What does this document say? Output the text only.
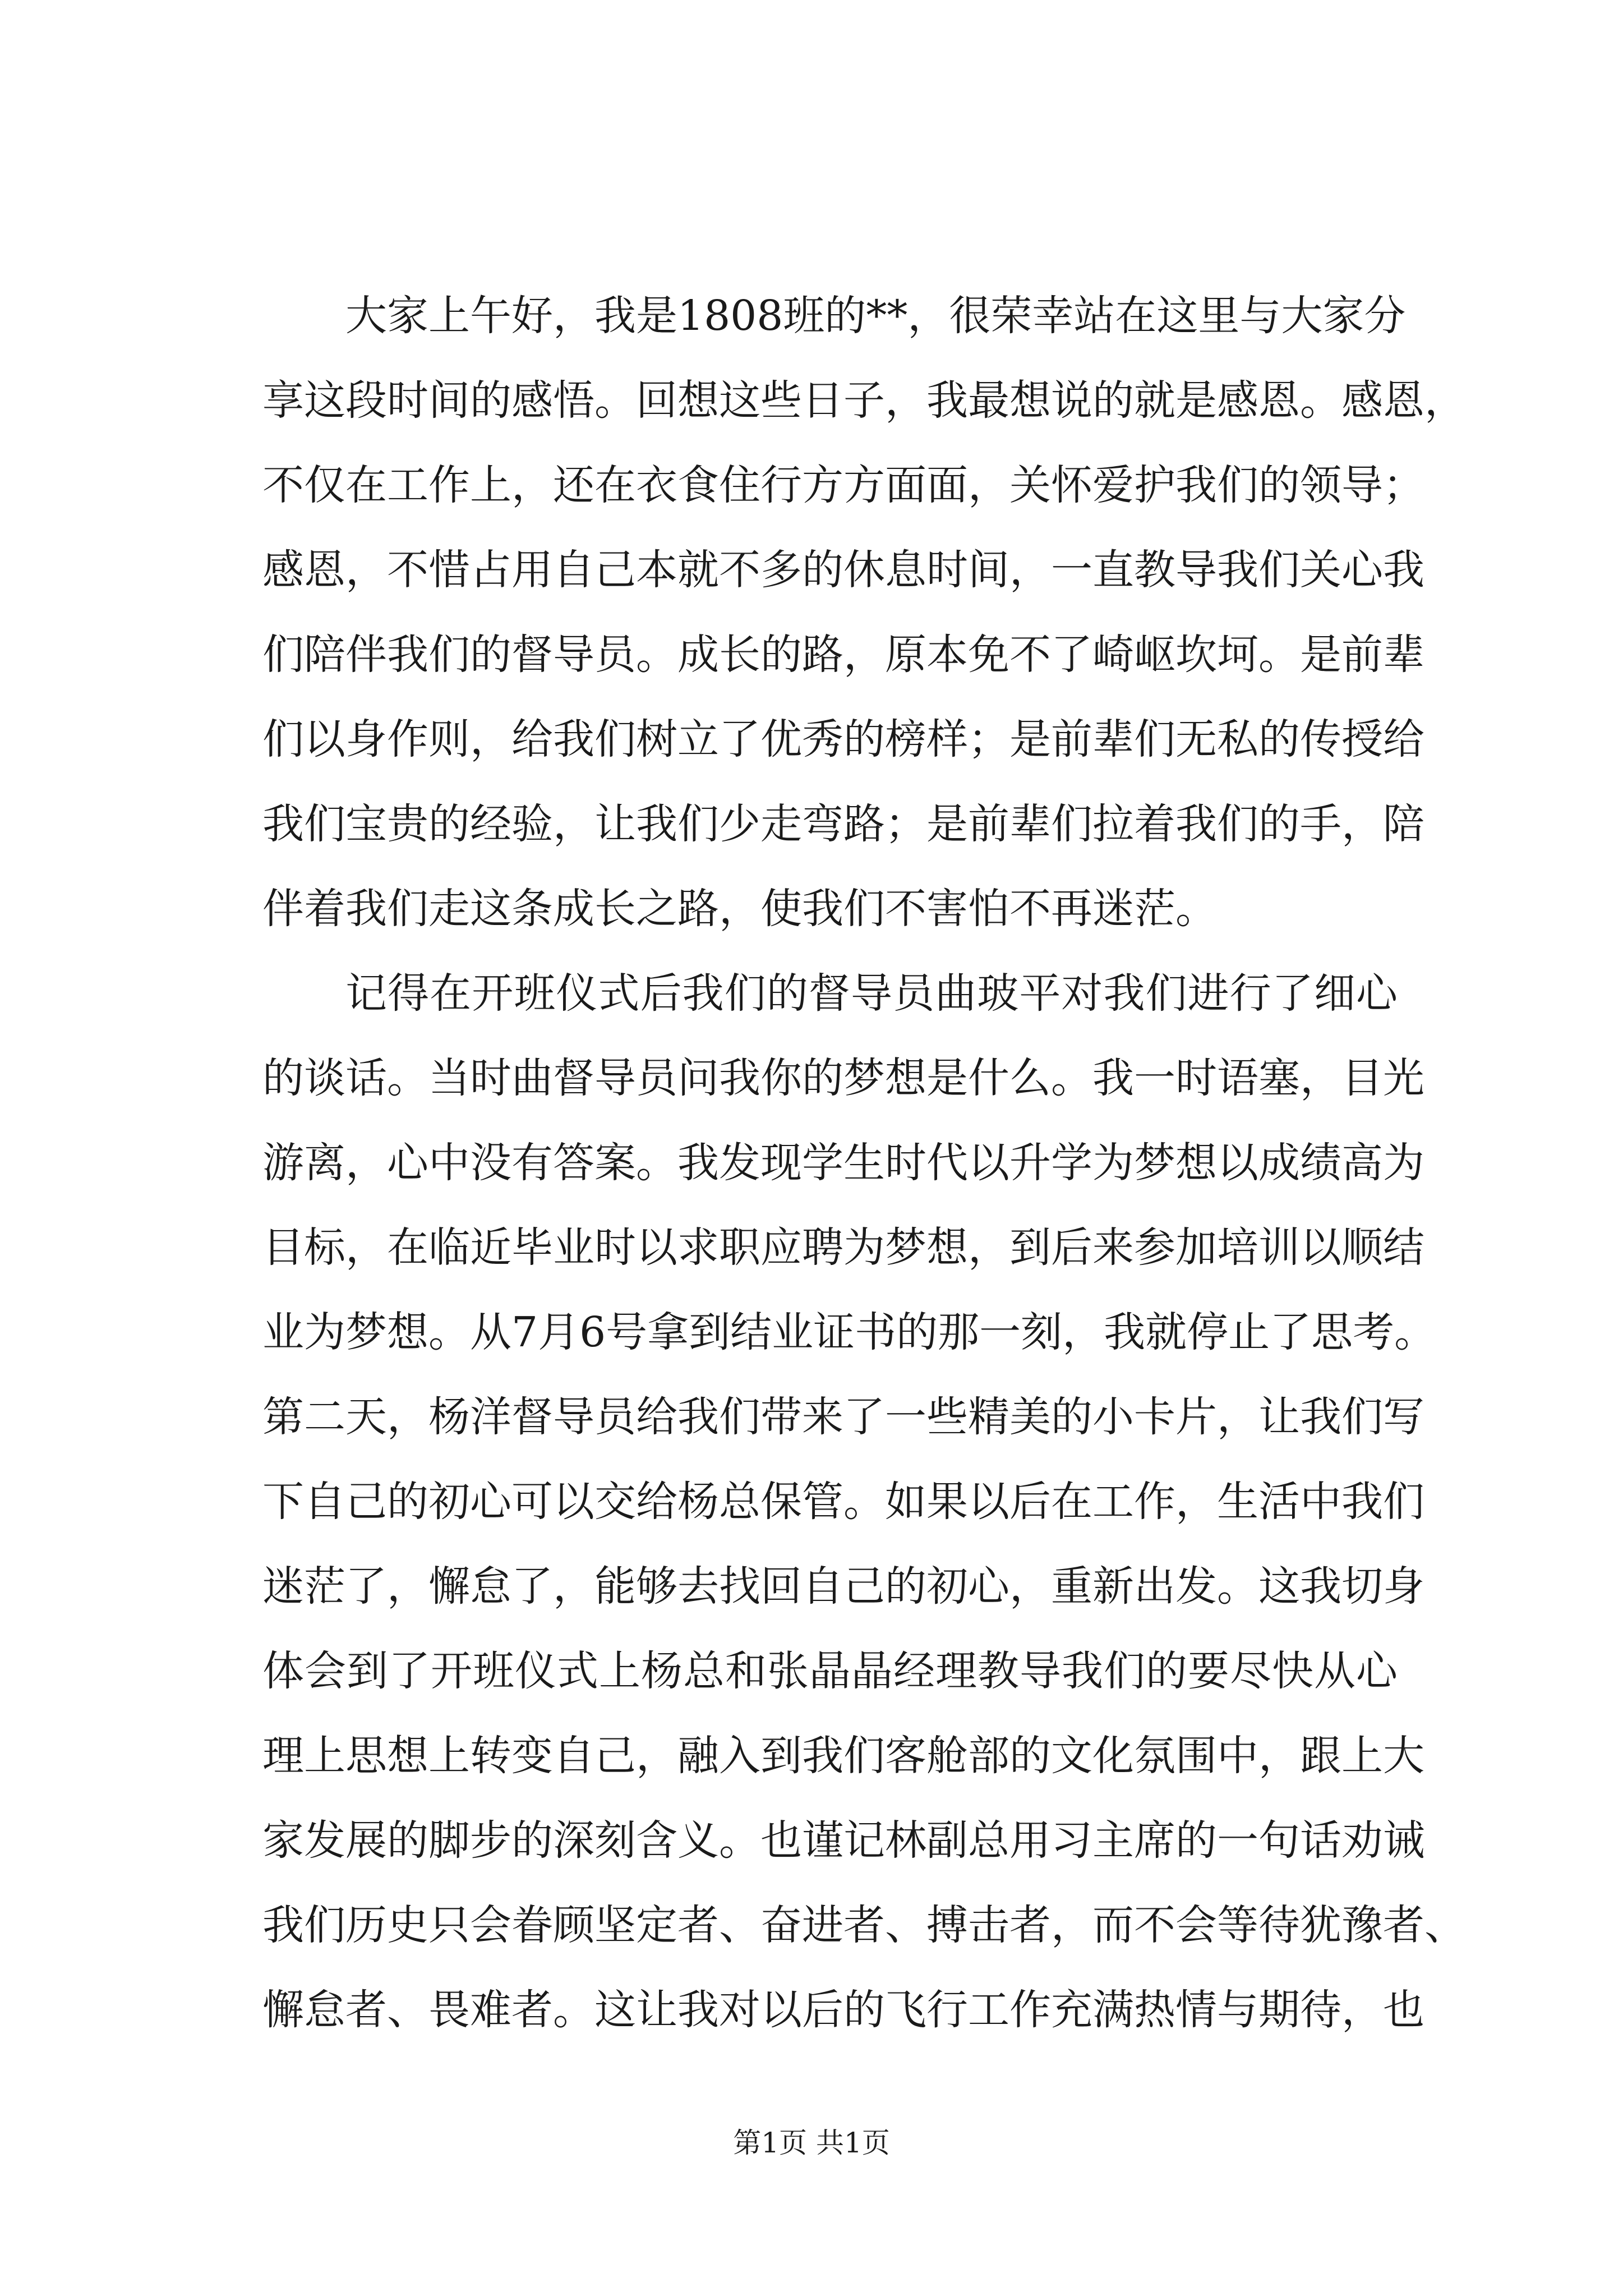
大家上午好，我是1808班的**，很荣幸站在这里与大家分
享这段时间的感悟。回想这些日子，我最想说的就是感恩。感恩，
不仅在工作上，还在衣食住行方方面面，关怀爱护我们的领导；
感恩，不惜占用自己本就不多的休息时间，一直教导我们关心我
们陪伴我们的督导员。成长的路，原本免不了崎岖坎坷。是前辈
们以身作则，给我们树立了优秀的榜样；是前辈们无私的传授给
我们宝贵的经验，让我们少走弯路；是前辈们拉着我们的手，陪
伴着我们走这条成长之路，使我们不害怕不再迷茫。
记得在开班仪式后我们的督导员曲玻平对我们进行了细心
的谈话。当时曲督导员问我你的梦想是什么。我一时语塞，目光
游离，心中没有答案。我发现学生时代以升学为梦想以成绩高为
目标，在临近毕业时以求职应聘为梦想，到后来参加培训以顺结
业为梦想。从7月6号拿到结业证书的那一刻，我就停止了思考。
第二天，杨洋督导员给我们带来了一些精美的小卡片，让我们写
下自己的初心可以交给杨总保管。如果以后在工作，生活中我们
迷茫了，懈怠了，能够去找回自己的初心，重新出发。这我切身
体会到了开班仪式上杨总和张晶晶经理教导我们的要尽快从心
理上思想上转变自己，融入到我们客舱部的文化氛围中，跟上大
家发展的脚步的深刻含义。也谨记林副总用习主席的一句话劝诫
我们历史只会眷顾坚定者、奋进者、搏击者，而不会等待犹豫者、
懈怠者、畏难者。这让我对以后的飞行工作充满热情与期待，也
第1页 共1页
